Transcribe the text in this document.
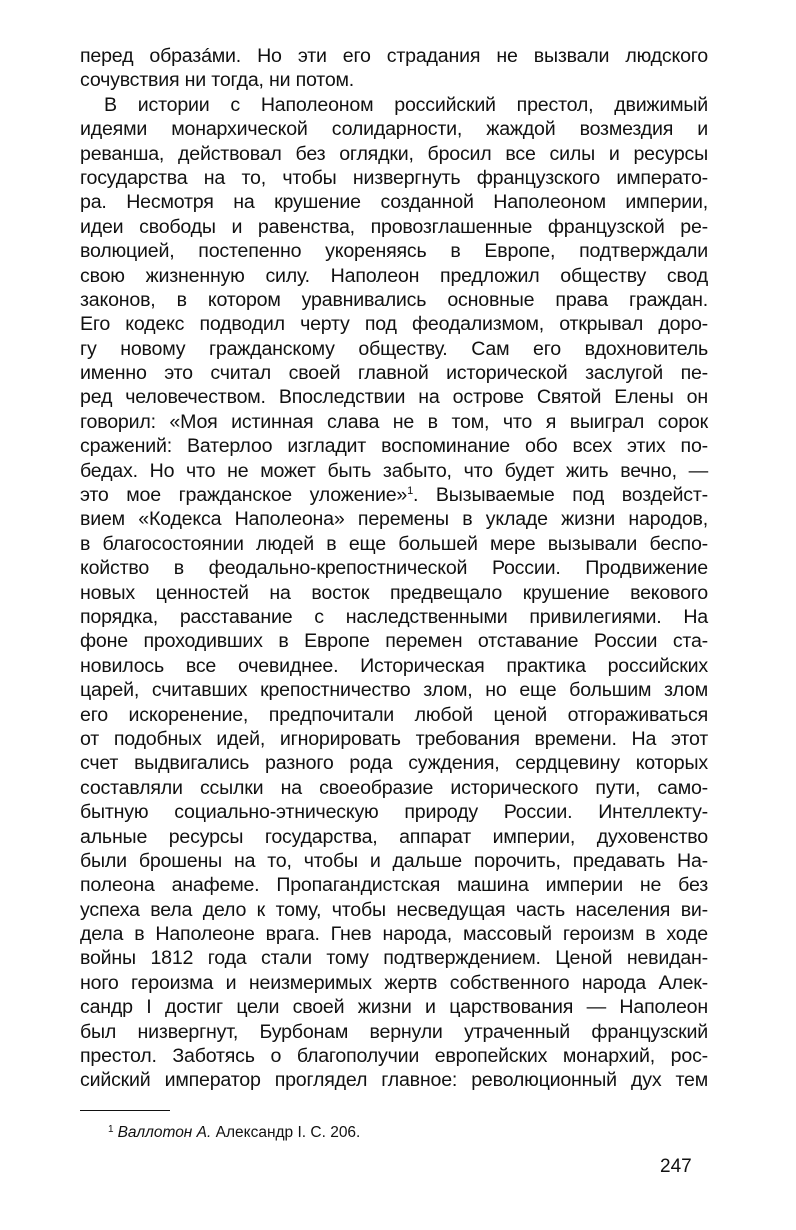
перед образáми. Но эти его страдания не вызвали людского
сочувствия ни тогда, ни потом.
В истории с Наполеоном российский престол, движимый
идеями монархической солидарности, жаждой возмездия и
реванша, действовал без оглядки, бросил все силы и ресурсы
государства на то, чтобы низвергнуть французского императо-
ра. Несмотря на крушение созданной Наполеоном империи,
идеи свободы и равенства, провозглашенные французской ре-
волюцией, постепенно укореняясь в Европе, подтверждали
свою жизненную силу. Наполеон предложил обществу свод
законов, в котором уравнивались основные права граждан.
Его кодекс подводил черту под феодализмом, открывал доро-
гу новому гражданскому обществу. Сам его вдохновитель
именно это считал своей главной исторической заслугой пе-
ред человечеством. Впоследствии на острове Святой Елены он
говорил: «Моя истинная слава не в том, что я выиграл сорок
сражений: Ватерлоо изгладит воспоминание обо всех этих по-
бедах. Но что не может быть забыто, что будет жить вечно, —
это мое гражданское уложение»$^1$. Вызываемые под воздейст-
вием «Кодекса Наполеона» перемены в укладе жизни народов,
в благосостоянии людей в еще большей мере вызывали беспо-
койство в феодально-крепостнической России. Продвижение
новых ценностей на восток предвещало крушение векового
порядка, расставание с наследственными привилегиями. На
фоне проходивших в Европе перемен отставание России ста-
новилось все очевиднее. Историческая практика российских
царей, считавших крепостничество злом, но еще большим злом
его искоренение, предпочитали любой ценой отгораживаться
от подобных идей, игнорировать требования времени. На этот
счет выдвигались разного рода суждения, сердцевину которых
составляли ссылки на своеобразие исторического пути, само-
бытную социально-этническую природу России. Интеллекту-
альные ресурсы государства, аппарат империи, духовенство
были брошены на то, чтобы и дальше порочить, предавать На-
полеона анафеме. Пропагандистская машина империи не без
успеха вела дело к тому, чтобы несведущая часть населения ви-
дела в Наполеоне врага. Гнев народа, массовый героизм в ходе
войны 1812 года стали тому подтверждением. Ценой невидан-
ного героизма и неизмеримых жертв собственного народа Алек-
сандр I достиг цели своей жизни и царствования — Наполеон
был низвергнут, Бурбонам вернули утраченный французский
престол. Заботясь о благополучии европейских монархий, рос-
сийский император проглядел главное: революционный дух тем
$^1$ Валлотон А. Александр I. С. 206.
247
